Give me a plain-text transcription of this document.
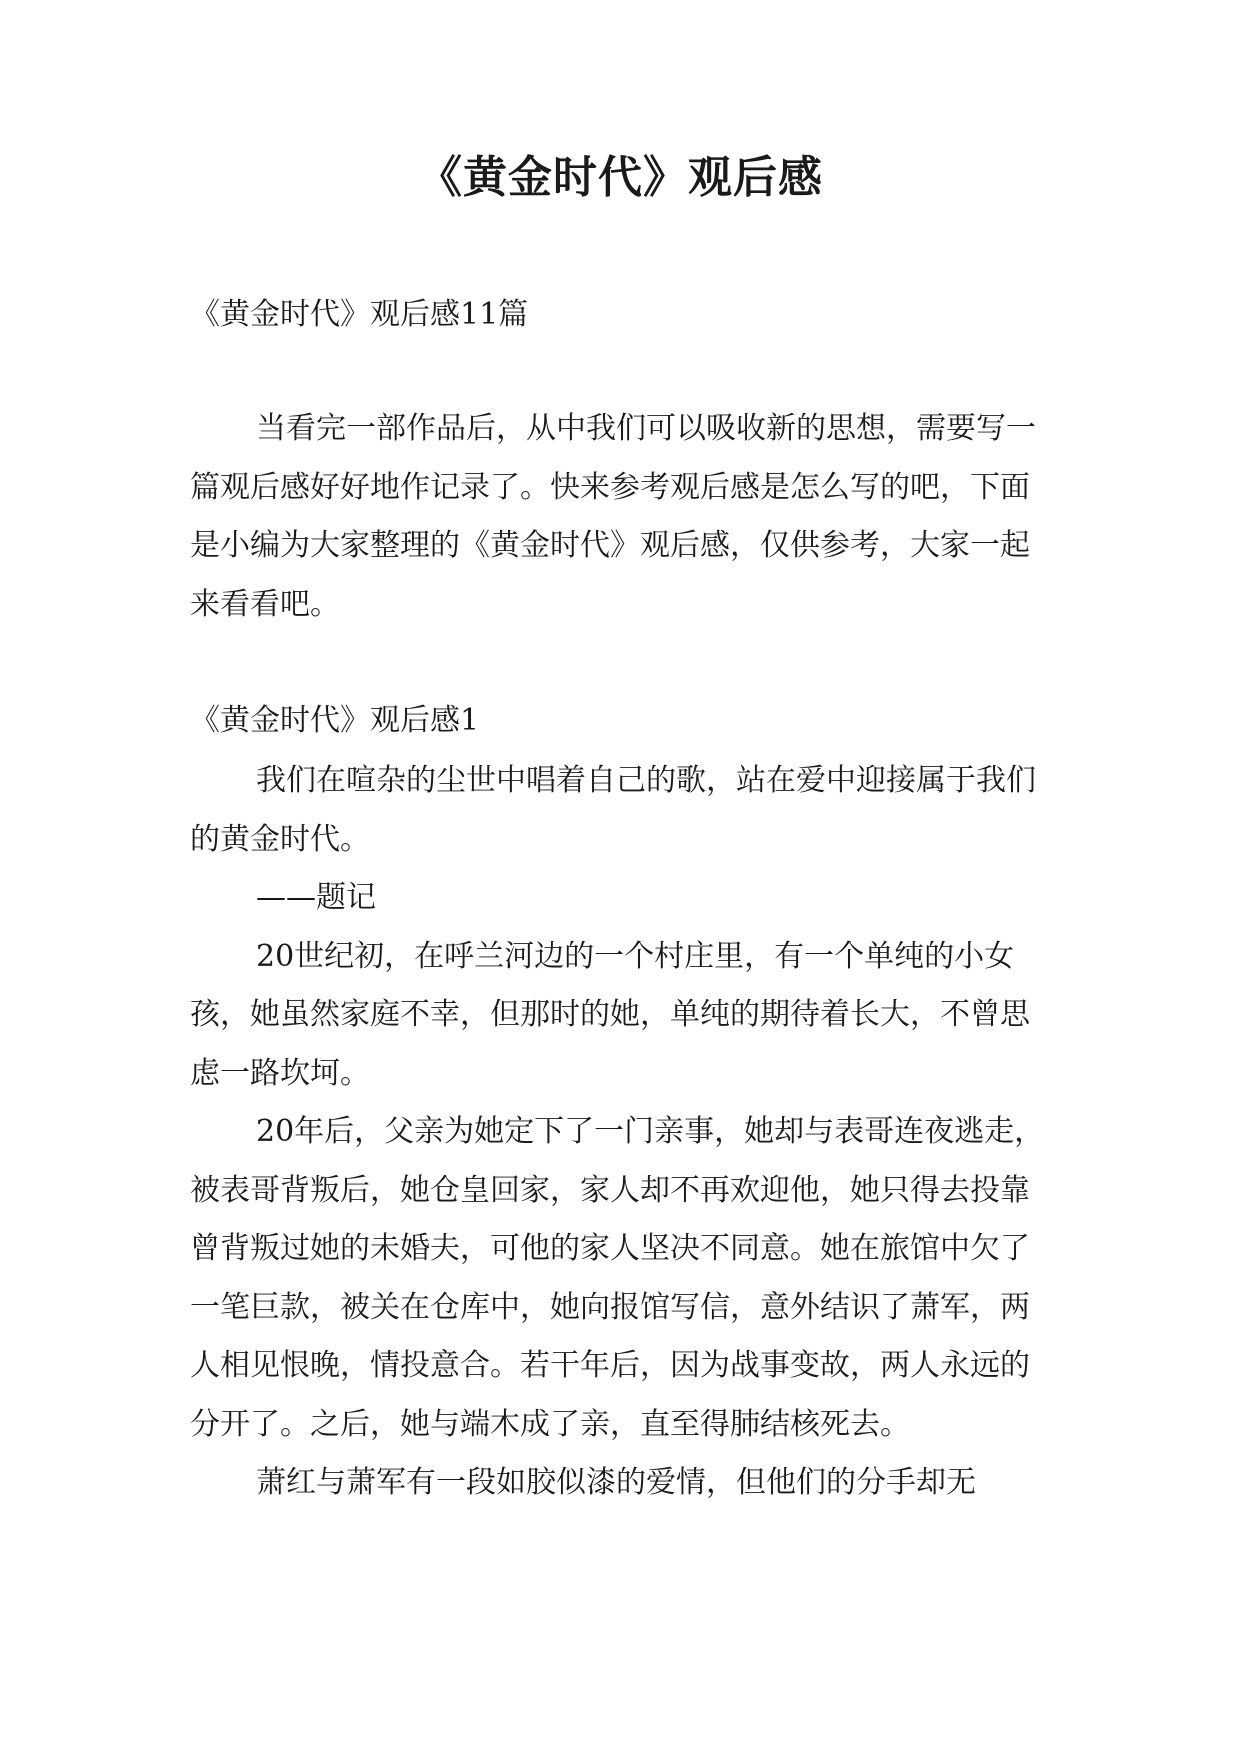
《黄金时代》观后感

《黄金时代》观后感11篇

当看完一部作品后，从中我们可以吸收新的思想，需要写一篇观后感好好地作记录了。快来参考观后感是怎么写的吧，下面是小编为大家整理的《黄金时代》观后感，仅供参考，大家一起来看看吧。

《黄金时代》观后感1

我们在喧杂的尘世中唱着自己的歌，站在爱中迎接属于我们的黄金时代。

——题记

20世纪初，在呼兰河边的一个村庄里，有一个单纯的小女孩，她虽然家庭不幸，但那时的她，单纯的期待着长大，不曾思虑一路坎坷。

20年后，父亲为她定下了一门亲事，她却与表哥连夜逃走，被表哥背叛后，她仓皇回家，家人却不再欢迎他，她只得去投靠曾背叛过她的未婚夫，可他的家人坚决不同意。她在旅馆中欠了一笔巨款，被关在仓库中，她向报馆写信，意外结识了萧军，两人相见恨晚，情投意合。若干年后，因为战事变故，两人永远的分开了。之后，她与端木成了亲，直至得肺结核死去。

萧红与萧军有一段如胶似漆的爱情，但他们的分手却无
